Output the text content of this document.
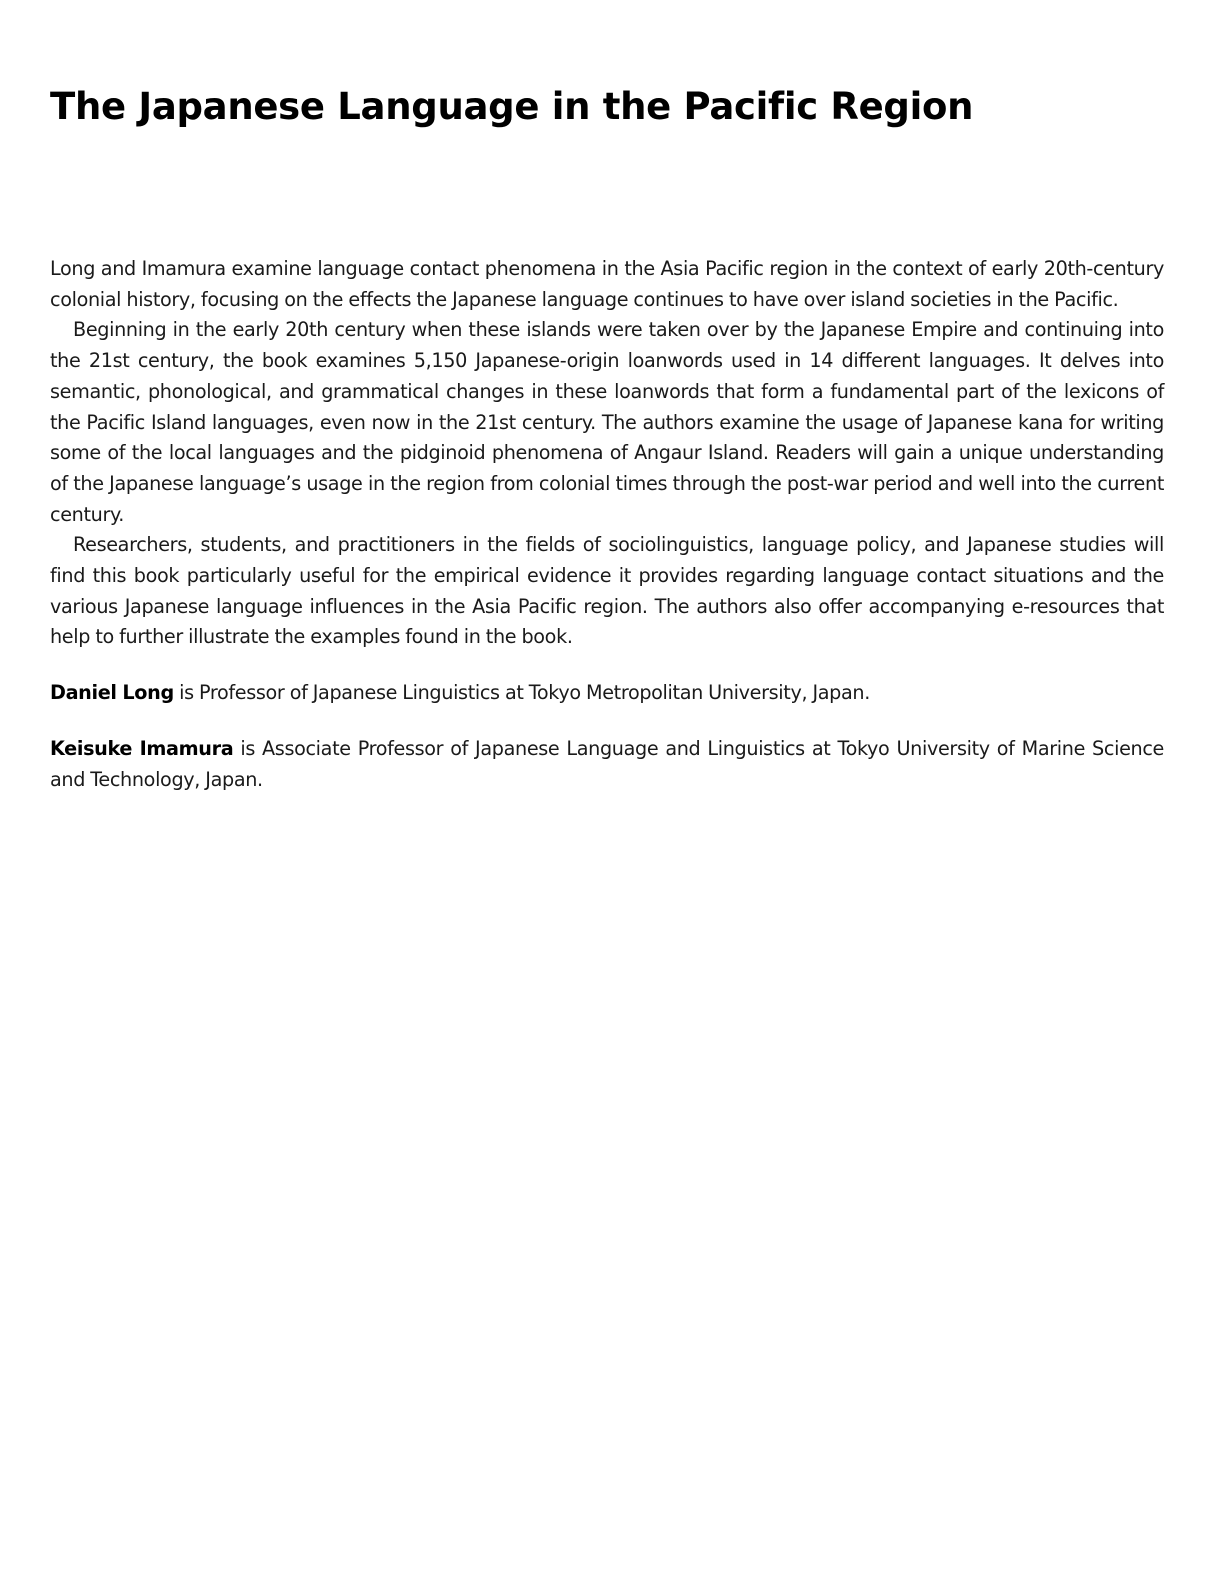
The Japanese Language in the Pacific Region

Long and Imamura examine language contact phenomena in the Asia Pacific region in the context of early 20th-century colonial history, focusing on the effects the Japanese language continues to have over island societies in the Pacific.

Beginning in the early 20th century when these islands were taken over by the Japanese Empire and continuing into the 21st century, the book examines 5,150 Japanese-origin loanwords used in 14 different languages. It delves into semantic, phonological, and grammatical changes in these loanwords that form a fundamental part of the lexicons of the Pacific Island languages, even now in the 21st century. The authors examine the usage of Japanese kana for writing some of the local languages and the pidginoid phenomena of Angaur Island. Readers will gain a unique understanding of the Japanese language’s usage in the region from colonial times through the post-war period and well into the current century.

Researchers, students, and practitioners in the fields of sociolinguistics, language policy, and Japanese studies will find this book particularly useful for the empirical evidence it provides regarding language contact situations and the various Japanese language influences in the Asia Pacific region. The authors also offer accompanying e-resources that help to further illustrate the examples found in the book.

Daniel Long is Professor of Japanese Linguistics at Tokyo Metropolitan University, Japan.

Keisuke Imamura is Associate Professor of Japanese Language and Linguistics at Tokyo University of Marine Science and Technology, Japan.
